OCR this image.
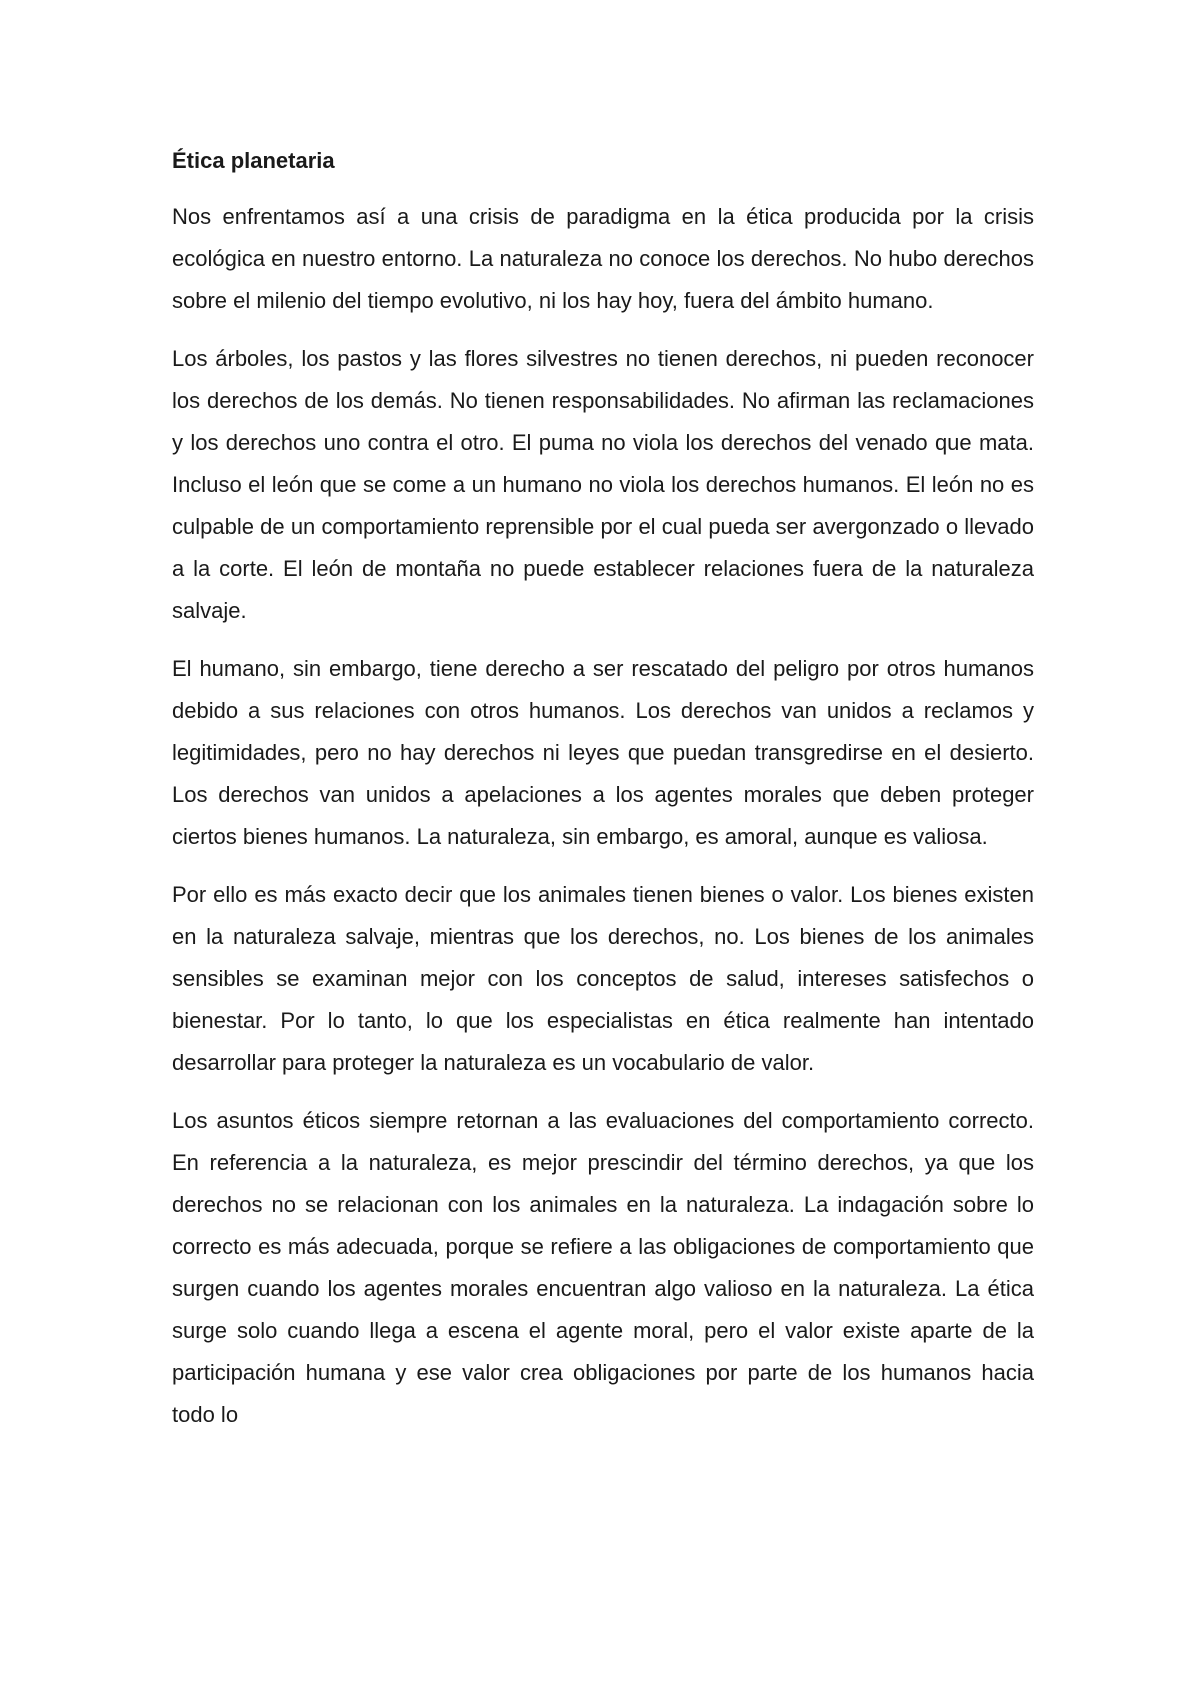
Ética planetaria

Nos enfrentamos así a una crisis de paradigma en la ética producida por la crisis ecológica en nuestro entorno. La naturaleza no conoce los derechos. No hubo derechos sobre el milenio del tiempo evolutivo, ni los hay hoy, fuera del ámbito humano.

Los árboles, los pastos y las flores silvestres no tienen derechos, ni pueden reconocer los derechos de los demás. No tienen responsabilidades. No afirman las reclamaciones y los derechos uno contra el otro. El puma no viola los derechos del venado que mata. Incluso el león que se come a un humano no viola los derechos humanos. El león no es culpable de un comportamiento reprensible por el cual pueda ser avergonzado o llevado a la corte. El león de montaña no puede establecer relaciones fuera de la naturaleza salvaje.

El humano, sin embargo, tiene derecho a ser rescatado del peligro por otros humanos debido a sus relaciones con otros humanos. Los derechos van unidos a reclamos y legitimidades, pero no hay derechos ni leyes que puedan transgredirse en el desierto. Los derechos van unidos a apelaciones a los agentes morales que deben proteger ciertos bienes humanos. La naturaleza, sin embargo, es amoral, aunque es valiosa.

Por ello es más exacto decir que los animales tienen bienes o valor. Los bienes existen en la naturaleza salvaje, mientras que los derechos, no. Los bienes de los animales sensibles se examinan mejor con los conceptos de salud, intereses satisfechos o bienestar. Por lo tanto, lo que los especialistas en ética realmente han intentado desarrollar para proteger la naturaleza es un vocabulario de valor.

Los asuntos éticos siempre retornan a las evaluaciones del comportamiento correcto. En referencia a la naturaleza, es mejor prescindir del término derechos, ya que los derechos no se relacionan con los animales en la naturaleza. La indagación sobre lo correcto es más adecuada, porque se refiere a las obligaciones de comportamiento que surgen cuando los agentes morales encuentran algo valioso en la naturaleza. La ética surge solo cuando llega a escena el agente moral, pero el valor existe aparte de la participación humana y ese valor crea obligaciones por parte de los humanos hacia todo lo
